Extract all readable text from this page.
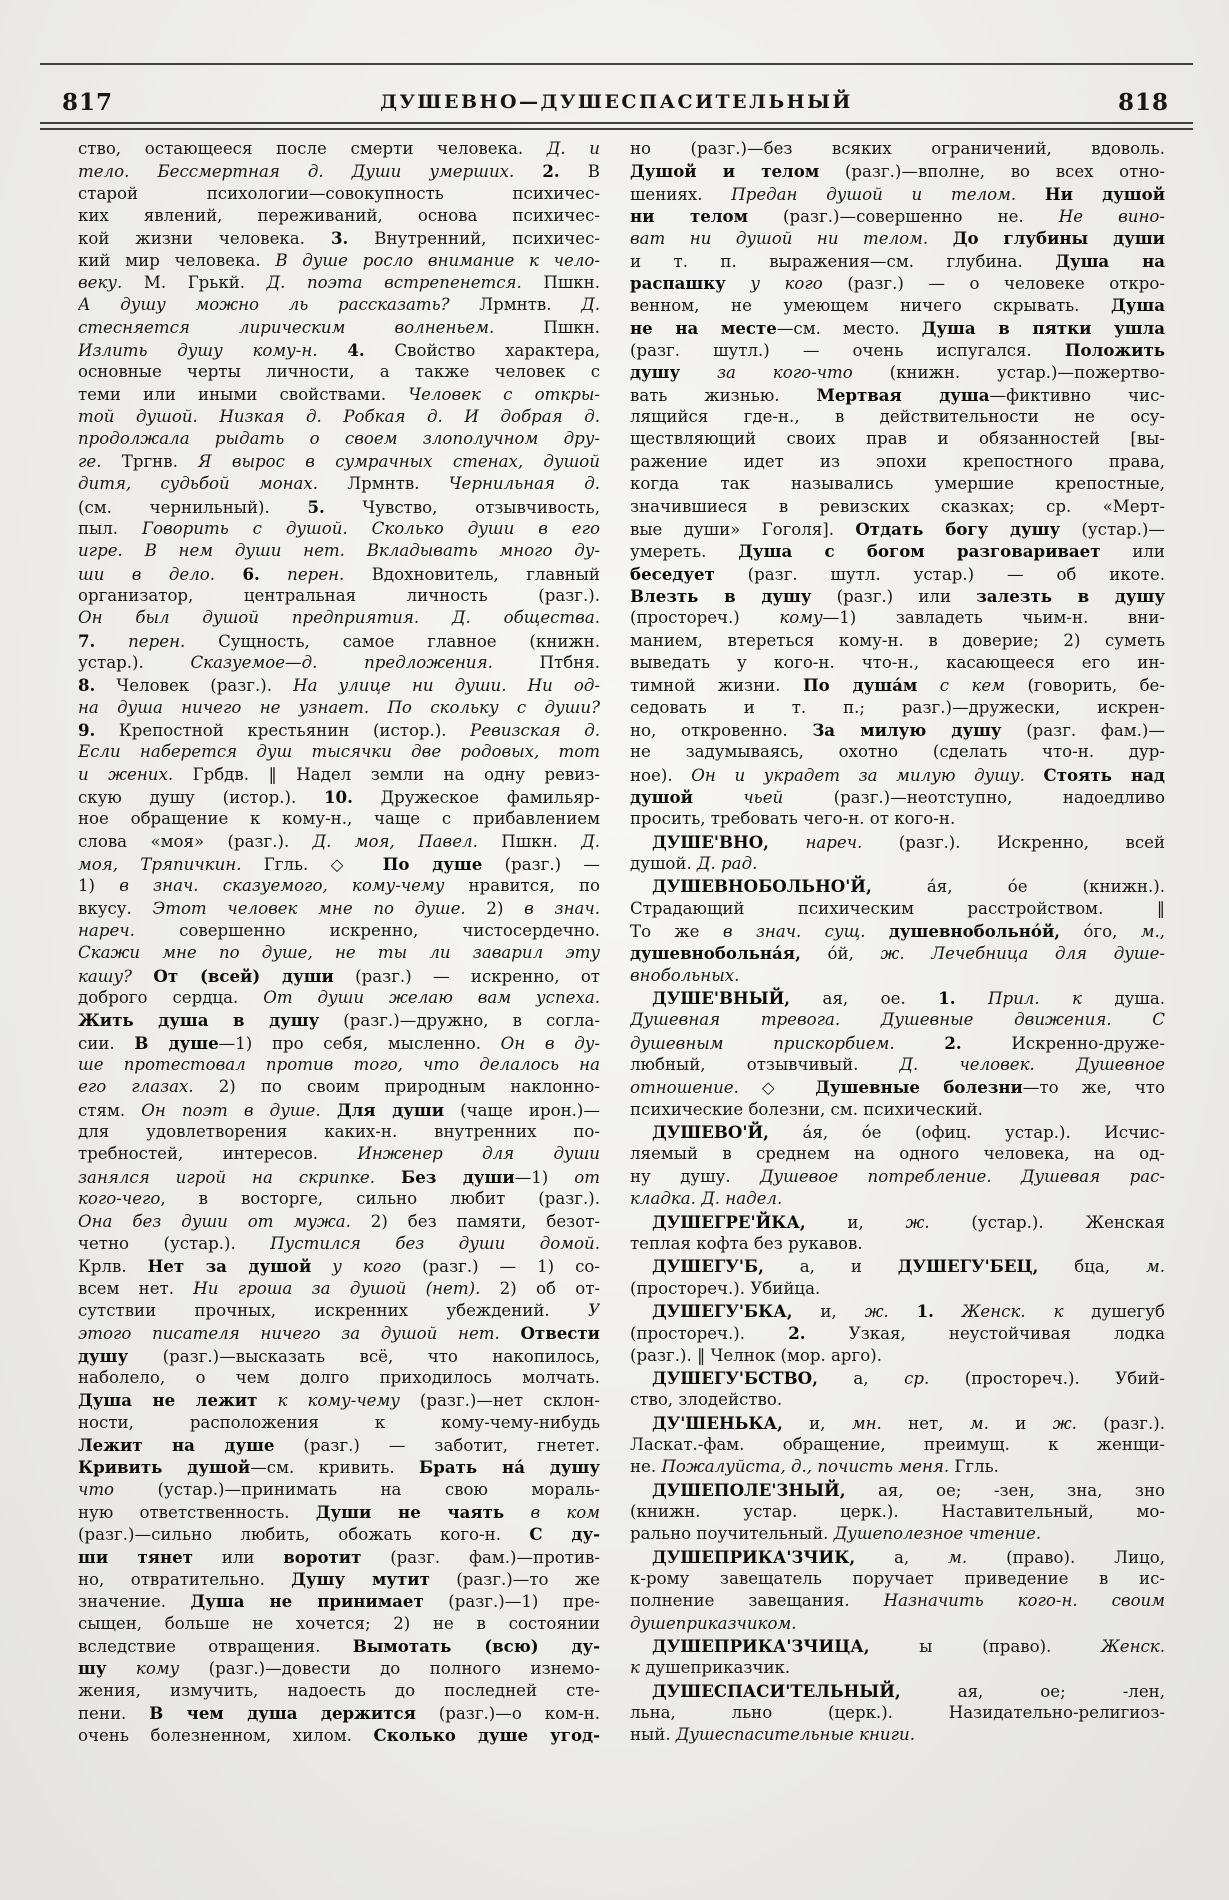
817	ДУШЕВНО—ДУШЕСПАСИТЕЛЬНЫЙ	818
ство, остающееся после смерти человека. Д. и
тело. Бессмертная д. Души умерших. 2. В
старой психологии—совокупность психичес-
ких явлений, переживаний, основа психичес-
кой жизни человека. 3. Внутренний, психичес-
кий мир человека. В душе росло внимание к чело-
веку. М. Грькй. Д. поэта встрепенется. Пшкн.
А душу можно ль рассказать? Лрмнтв. Д.
стесняется лирическим волненьем. Пшкн.
Излить душу кому-н. 4. Свойство характера,
основные черты личности, а также человек с
теми или иными свойствами. Человек с откры-
той душой. Низкая д. Робкая д. И добрая д.
продолжала рыдать о своем злополучном дру-
ге. Тргнв. Я вырос в сумрачных стенах, душой
дитя, судьбой монах. Лрмнтв. Чернильная д.
(см. чернильный). 5. Чувство, отзывчивость,
пыл. Говорить с душой. Сколько души в его
игре. В нем души нет. Вкладывать много ду-
ши в дело. 6. перен. Вдохновитель, главный
организатор, центральная личность (разг.).
Он был душой предприятия. Д. общества.
7. перен. Сущность, самое главное (книжн.
устар.). Сказуемое—д. предложения. Птбня.
8. Человек (разг.). На улице ни души. Ни од-
на душа ничего не узнает. По скольку с души?
9. Крепостной крестьянин (истор.). Ревизская д.
Если наберется душ тысячки две родовых, тот
и жених. Грбдв. ‖ Надел земли на одну ревиз-
скую душу (истор.). 10. Дружеское фамильяр-
ное обращение к кому-н., чаще с прибавлением
слова «моя» (разг.). Д. моя, Павел. Пшкн. Д.
моя, Тряпичкин. Ггль. ◇ По душе (разг.) —
1) в знач. сказуемого, кому-чему нравится, по
вкусу. Этот человек мне по душе. 2) в знач.
нареч. совершенно искренно, чистосердечно.
Скажи мне по душе, не ты ли заварил эту
кашу? От (всей) души (разг.) — искренно, от
доброго сердца. От души желаю вам успеха.
Жить душа в душу (разг.)—дружно, в согла-
сии. В душе—1) про себя, мысленно. Он в ду-
ше протестовал против того, что делалось на
его глазах. 2) по своим природным наклонно-
стям. Он поэт в душе. Для души (чаще ирон.)—
для удовлетворения каких-н. внутренних по-
требностей, интересов. Инженер для души
занялся игрой на скрипке. Без души—1) от
кого-чего, в восторге, сильно любит (разг.).
Она без души от мужа. 2) без памяти, безот-
четно (устар.). Пустился без души домой.
Крлв. Нет за душой у кого (разг.) — 1) со-
всем нет. Ни гроша за душой (нет). 2) об от-
сутствии прочных, искренних убеждений. У
этого писателя ничего за душой нет. Отвести
душу (разг.)—высказать всё, что накопилось,
наболело, о чем долго приходилось молчать.
Душа не лежит к кому-чему (разг.)—нет склон-
ности, расположения к кому-чему-нибудь
Лежит на душе (разг.) — заботит, гнетет.
Кривить душой—см. кривить. Брать на́ душу
что (устар.)—принимать на свою мораль-
ную ответственность. Души не чаять в ком
(разг.)—сильно любить, обожать кого-н. С ду-
ши тянет или воротит (разг. фам.)—против-
но, отвратительно. Душу мутит (разг.)—то же
значение. Душа не принимает (разг.)—1) пре-
сыщен, больше не хочется; 2) не в состоянии
вследствие отвращения. Вымотать (всю) ду-
шу кому (разг.)—довести до полного изнемо-
жения, измучить, надоесть до последней сте-
пени. В чем душа держится (разг.)—о ком-н.
очень болезненном, хилом. Сколько душе угод-
но (разг.)—без всяких ограничений, вдоволь.
Душой и телом (разг.)—вполне, во всех отно-
шениях. Предан душой и телом. Ни душой
ни телом (разг.)—совершенно не. Не вино-
ват ни душой ни телом. До глубины души
и т. п. выражения—см. глубина. Душа на
распашку у кого (разг.) — о человеке откро-
венном, не умеющем ничего скрывать. Душа
не на месте—см. место. Душа в пятки ушла
(разг. шутл.) — очень испугался. Положить
душу за кого-что (книжн. устар.)—пожертво-
вать жизнью. Мертвая душа—фиктивно чис-
лящийся где-н., в действительности не осу-
ществляющий своих прав и обязанностей [вы-
ражение идет из эпохи крепостного права,
когда так назывались умершие крепостные,
значившиеся в ревизских сказках; ср. «Мерт-
вые души» Гоголя]. Отдать богу душу (устар.)—
умереть. Душа с богом разговаривает или
беседует (разг. шутл. устар.) — об икоте.
Влезть в душу (разг.) или залезть в душу
(простореч.) кому—1) завладеть чьим-н. вни-
манием, втереться кому-н. в доверие; 2) суметь
выведать у кого-н. что-н., касающееся его ин-
тимной жизни. По душа́м с кем (говорить, бе-
седовать и т. п.; разг.)—дружески, искрен-
но, откровенно. За милую душу (разг. фам.)—
не задумываясь, охотно (сделать что-н. дур-
ное). Он и украдет за милую душу. Стоять над
душой	чьей (разг.)—неотступно, надоедливо
просить, требовать чего-н. от кого-н.
ДУШЕ'ВНО, нареч. (разг.). Искренно, всей
душой. Д. рад.
ДУШЕВНОБОЛЬНО'Й, а́я, о́е (книжн.).
Страдающий психическим расстройством. ‖
То же в знач. сущ. душевнобольно́й, о́го, м.,
душевнобольна́я, о́й, ж. Лечебница для душе-
внобольных.
ДУШЕ'ВНЫЙ, ая, ое. 1. Прил. к душа.
Душевная тревога. Душевные движения. С
душевным прискорбием.	2. Искренно-друже-
любный, отзывчивый. Д. человек. Душевное
отношение. ◇ Душевные болезни—то же, что
психические болезни, см. психический.
ДУШЕВО'Й, а́я, о́е (офиц. устар.). Исчис-
ляемый в среднем на одного человека, на од-
ну душу. Душевое потребление. Душевая рас-
кладка. Д. надел.
ДУШЕГРЕ'ЙКА, и, ж. (устар.). Женская
теплая кофта без рукавов.
ДУШЕГУ'Б, а, и ДУШЕГУ'БЕЦ, бца, м.
(простореч.). Убийца.
ДУШЕГУ'БКА, и, ж. 1. Женск. к душегуб
(простореч.). 2. Узкая, неустойчивая лодка
(разг.). ‖ Челнок (мор. арго).
ДУШЕГУ'БСТВО, а, ср. (простореч.). Убий-
ство, злодейство.
ДУ'ШЕНЬКА, и, мн. нет, м. и ж. (разг.).
Ласкат.-фам. обращение, преимущ. к женщи-
не. Пожалуйста, д., почисть меня. Ггль.
ДУШЕПОЛЕ'ЗНЫЙ, ая, ое; -зен, зна, зно
(книжн. устар. церк.). Наставительный, мо-
рально поучительный. Душеполезное чтение.
ДУШЕПРИКА'ЗЧИК, а, м. (право). Лицо,
к-рому завещатель поручает приведение в ис-
полнение завещания. Назначить кого-н. своим
душеприказчиком.
ДУШЕПРИКА'ЗЧИЦА, ы (право). Женск.
к душеприказчик.
ДУШЕСПАСИ'ТЕЛЬНЫЙ, ая, ое; -лен,
льна, льно (церк.). Назидательно-религиоз-
ный. Душеспасительные книги.
